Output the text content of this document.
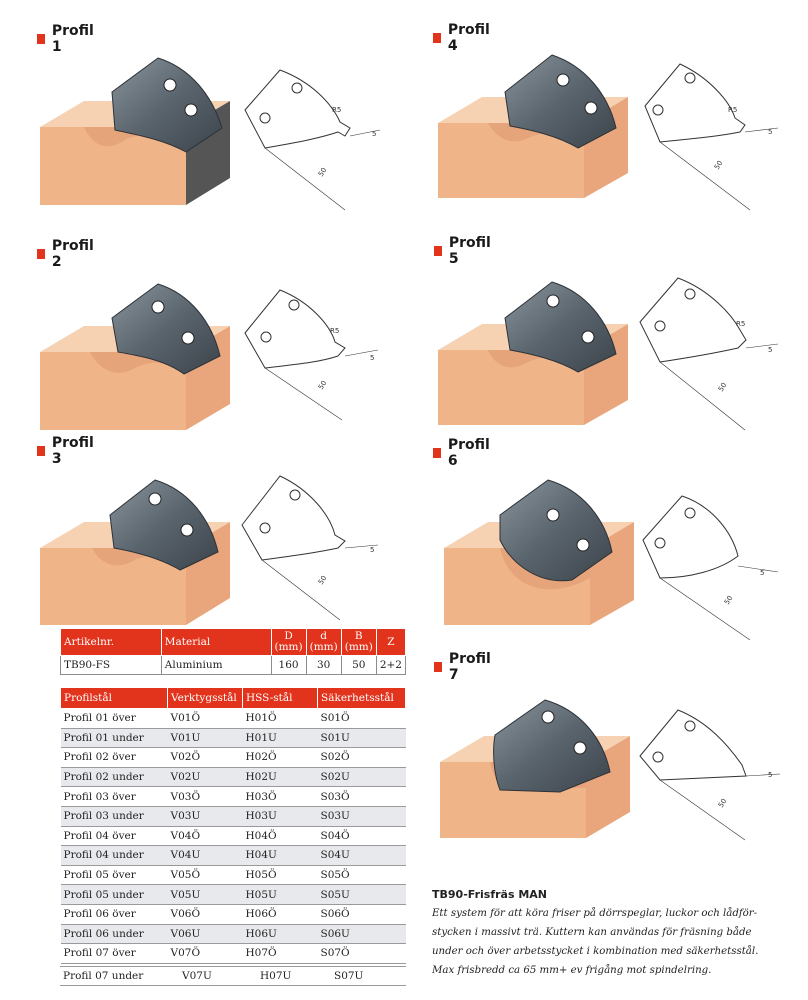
Profil 1
Profil 2
Profil 3
Profil 4
Profil 5
Profil 6
Profil 7
R5
5
50
R5
5
50
5
50
R5
5
50
R5
5
50
5
50
5
50
Artikelnr.	Material	D (mm)	d (mm)	B (mm)	Z
TB90-FS	Aluminium	160	30	50	2+2
Profilstål	Verktygsstål	HSS-stål	Säkerhetsstål
Profil 01 över	V01Ö	H01Ö	S01Ö
Profil 01 under	V01U	H01U	S01U
Profil 02 över	V02Ö	H02Ö	S02Ö
Profil 02 under	V02U	H02U	S02U
Profil 03 över	V03Ö	H03Ö	S03Ö
Profil 03 under	V03U	H03U	S03U
Profil 04 över	V04Ö	H04Ö	S04Ö
Profil 04 under	V04U	H04U	S04U
Profil 05 över	V05Ö	H05Ö	S05Ö
Profil 05 under	V05U	H05U	S05U
Profil 06 över	V06Ö	H06Ö	S06Ö
Profil 06 under	V06U	H06U	S06U
Profil 07 över	V07Ö	H07Ö	S07Ö
Profil 07 under	V07U	H07U	S07U
TB90-Frisfräs MAN
Ett system för att köra friser på dörrspeglar, luckor och lådför-
stycken i massivt trä. Kuttern kan användas för fräsning både
under och över arbetsstycket i kombination med säkerhetsstål.
Max frisbredd ca 65 mm+ ev frigång mot spindelring.
